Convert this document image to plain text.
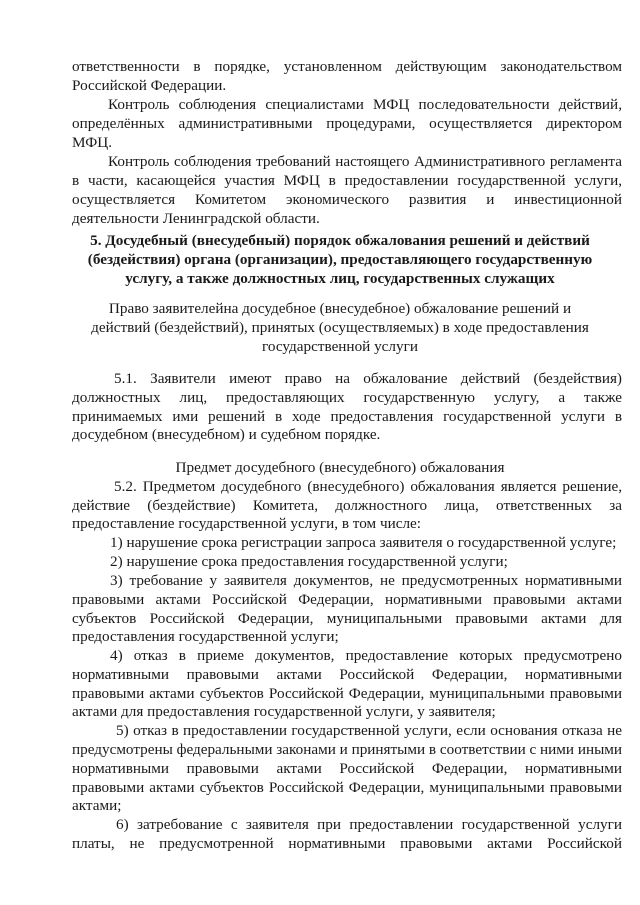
ответственности в порядке, установленном действующим законодательством
Российской Федерации.
Контроль соблюдения специалистами МФЦ последовательности действий,
определённых административными процедурами, осуществляется директором
МФЦ.
Контроль соблюдения требований настоящего Административного регламента
в части, касающейся участия МФЦ в предоставлении государственной услуги,
осуществляется Комитетом экономического развития и инвестиционной
деятельности Ленинградской области.
5. Досудебный (внесудебный) порядок обжалования решений и действий
(бездействия) органа (организации), предоставляющего государственную
услугу, а также должностных лиц, государственных служащих
Право заявителейна досудебное (внесудебное) обжалование решений и
действий (бездействий), принятых (осуществляемых) в ходе предоставления
государственной услуги
5.1. Заявители имеют право на обжалование действий (бездействия)
должностных лиц, предоставляющих государственную услугу, а также
принимаемых ими решений в ходе предоставления государственной услуги в
досудебном (внесудебном) и судебном порядке.
Предмет досудебного (внесудебного) обжалования
5.2. Предметом досудебного (внесудебного) обжалования является решение,
действие (бездействие) Комитета, должностного лица, ответственных за
предоставление государственной услуги, в том числе:
1) нарушение срока регистрации запроса заявителя о государственной услуге;
2) нарушение срока предоставления государственной услуги;
3) требование у заявителя документов, не предусмотренных нормативными
правовыми актами Российской Федерации, нормативными правовыми актами
субъектов Российской Федерации, муниципальными правовыми актами для
предоставления государственной услуги;
4) отказ в приеме документов, предоставление которых предусмотрено
нормативными правовыми актами Российской Федерации, нормативными
правовыми актами субъектов Российской Федерации, муниципальными правовыми
актами для предоставления государственной услуги, у заявителя;
5) отказ в предоставлении государственной услуги, если основания отказа не
предусмотрены федеральными законами и принятыми в соответствии с ними иными
нормативными правовыми актами Российской Федерации, нормативными
правовыми актами субъектов Российской Федерации, муниципальными правовыми
актами;
6) затребование с заявителя при предоставлении государственной услуги
платы, не предусмотренной нормативными правовыми актами Российской
